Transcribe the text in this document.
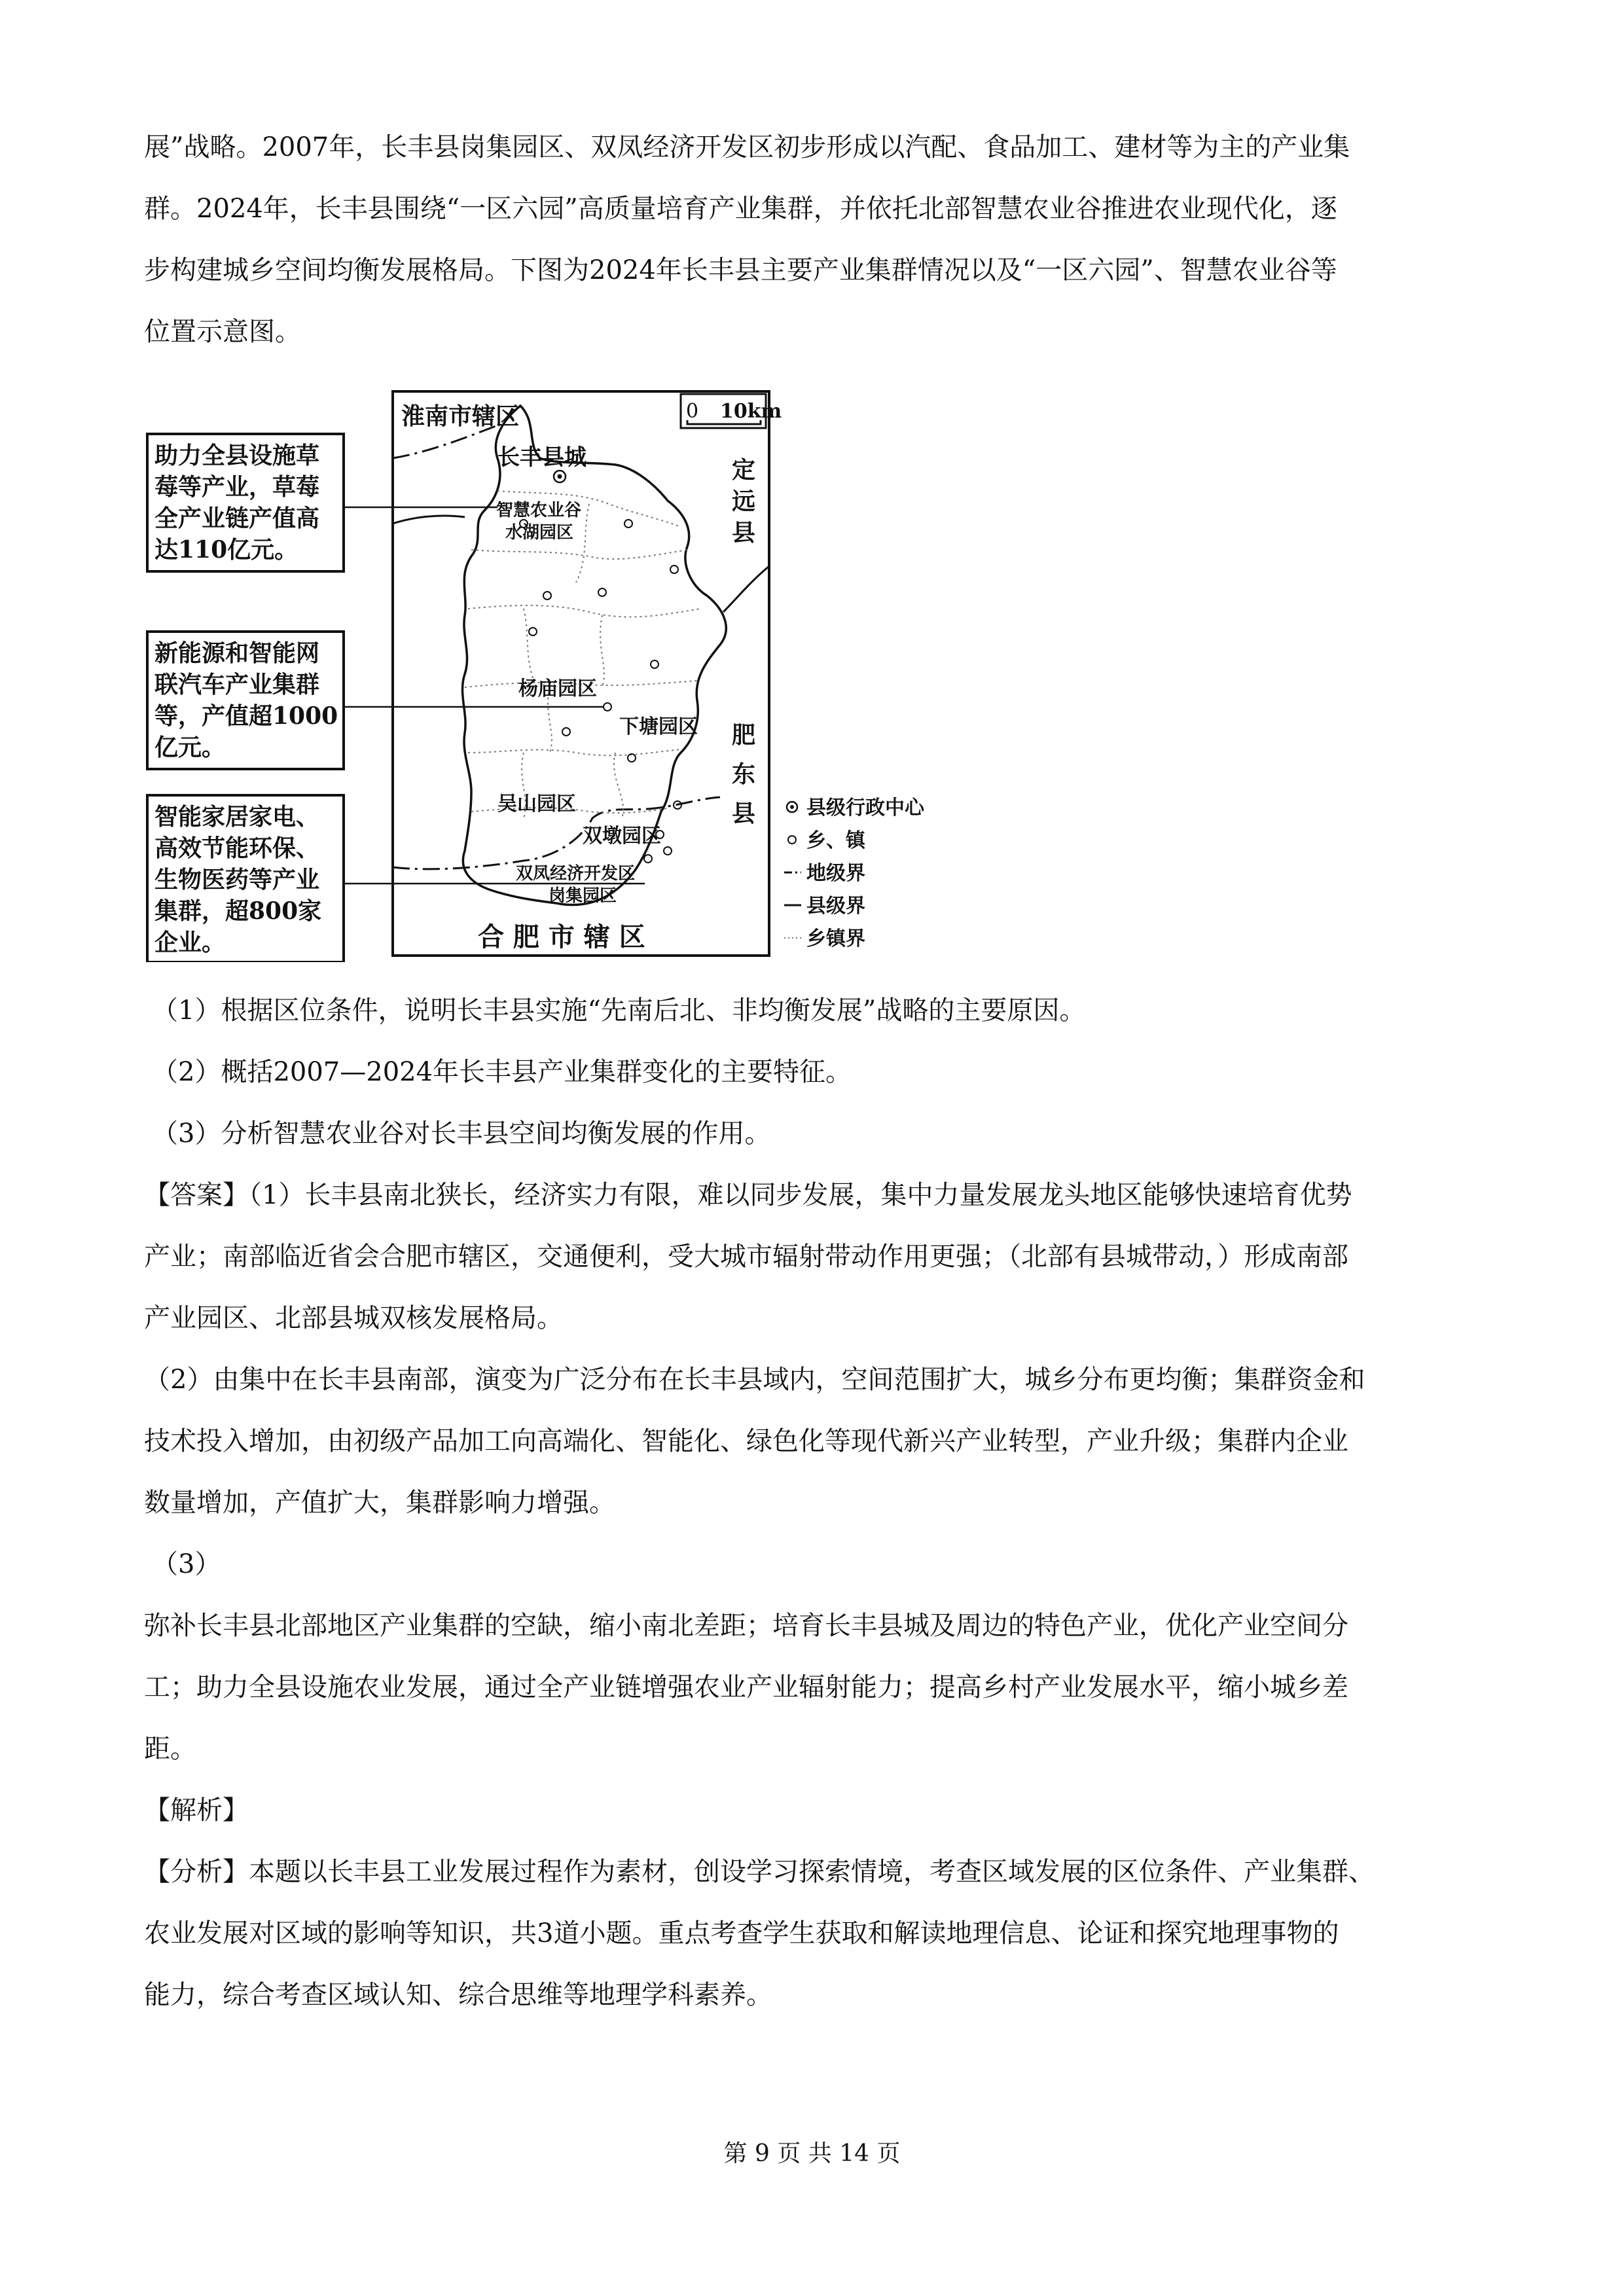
展”战略。2007年，长丰县岗集园区、双凤经济开发区初步形成以汽配、食品加工、建材等为主的产业集

群。2024年，长丰县围绕“一区六园”高质量培育产业集群，并依托北部智慧农业谷推进农业现代化，逐

步构建城乡空间均衡发展格局。下图为2024年长丰县主要产业集群情况以及“一区六园”、智慧农业谷等

位置示意图。

0 10km
淮南市辖区
定
远
县
肥
东
县
合 肥 市 辖 区
长丰县城
智慧农业谷
水湖园区
杨庙园区
下塘园区
吴山园区
双墩园区
双凤经济开发区
岗集园区
助力全县设施草
莓等产业，草莓
全产业链产值高
达110亿元。
新能源和智能网
联汽车产业集群
等，产值超1000
亿元。
智能家居家电、
高效节能环保、
生物医药等产业
集群，超800家
企业。
县级行政中心
乡、镇
地级界
县级界
乡镇界

（1）根据区位条件，说明长丰县实施“先南后北、非均衡发展”战略的主要原因。

（2）概括2007—2024年长丰县产业集群变化的主要特征。

（3）分析智慧农业谷对长丰县空间均衡发展的作用。

【答案】（1）长丰县南北狭长，经济实力有限，难以同步发展，集中力量发展龙头地区能够快速培育优势

产业；南部临近省会合肥市辖区，交通便利，受大城市辐射带动作用更强；（北部有县城带动，）形成南部

产业园区、北部县城双核发展格局。

（2）由集中在长丰县南部，演变为广泛分布在长丰县域内，空间范围扩大，城乡分布更均衡；集群资金和

技术投入增加，由初级产品加工向高端化、智能化、绿色化等现代新兴产业转型，产业升级；集群内企业

数量增加，产值扩大，集群影响力增强。

（3）

弥补长丰县北部地区产业集群的空缺，缩小南北差距；培育长丰县城及周边的特色产业，优化产业空间分

工；助力全县设施农业发展，通过全产业链增强农业产业辐射能力；提高乡村产业发展水平，缩小城乡差

距。

【解析】

【分析】本题以长丰县工业发展过程作为素材，创设学习探索情境，考查区域发展的区位条件、产业集群、

农业发展对区域的影响等知识，共3道小题。重点考查学生获取和解读地理信息、论证和探究地理事物的

能力，综合考查区域认知、综合思维等地理学科素养。

第 9 页 共 14 页
